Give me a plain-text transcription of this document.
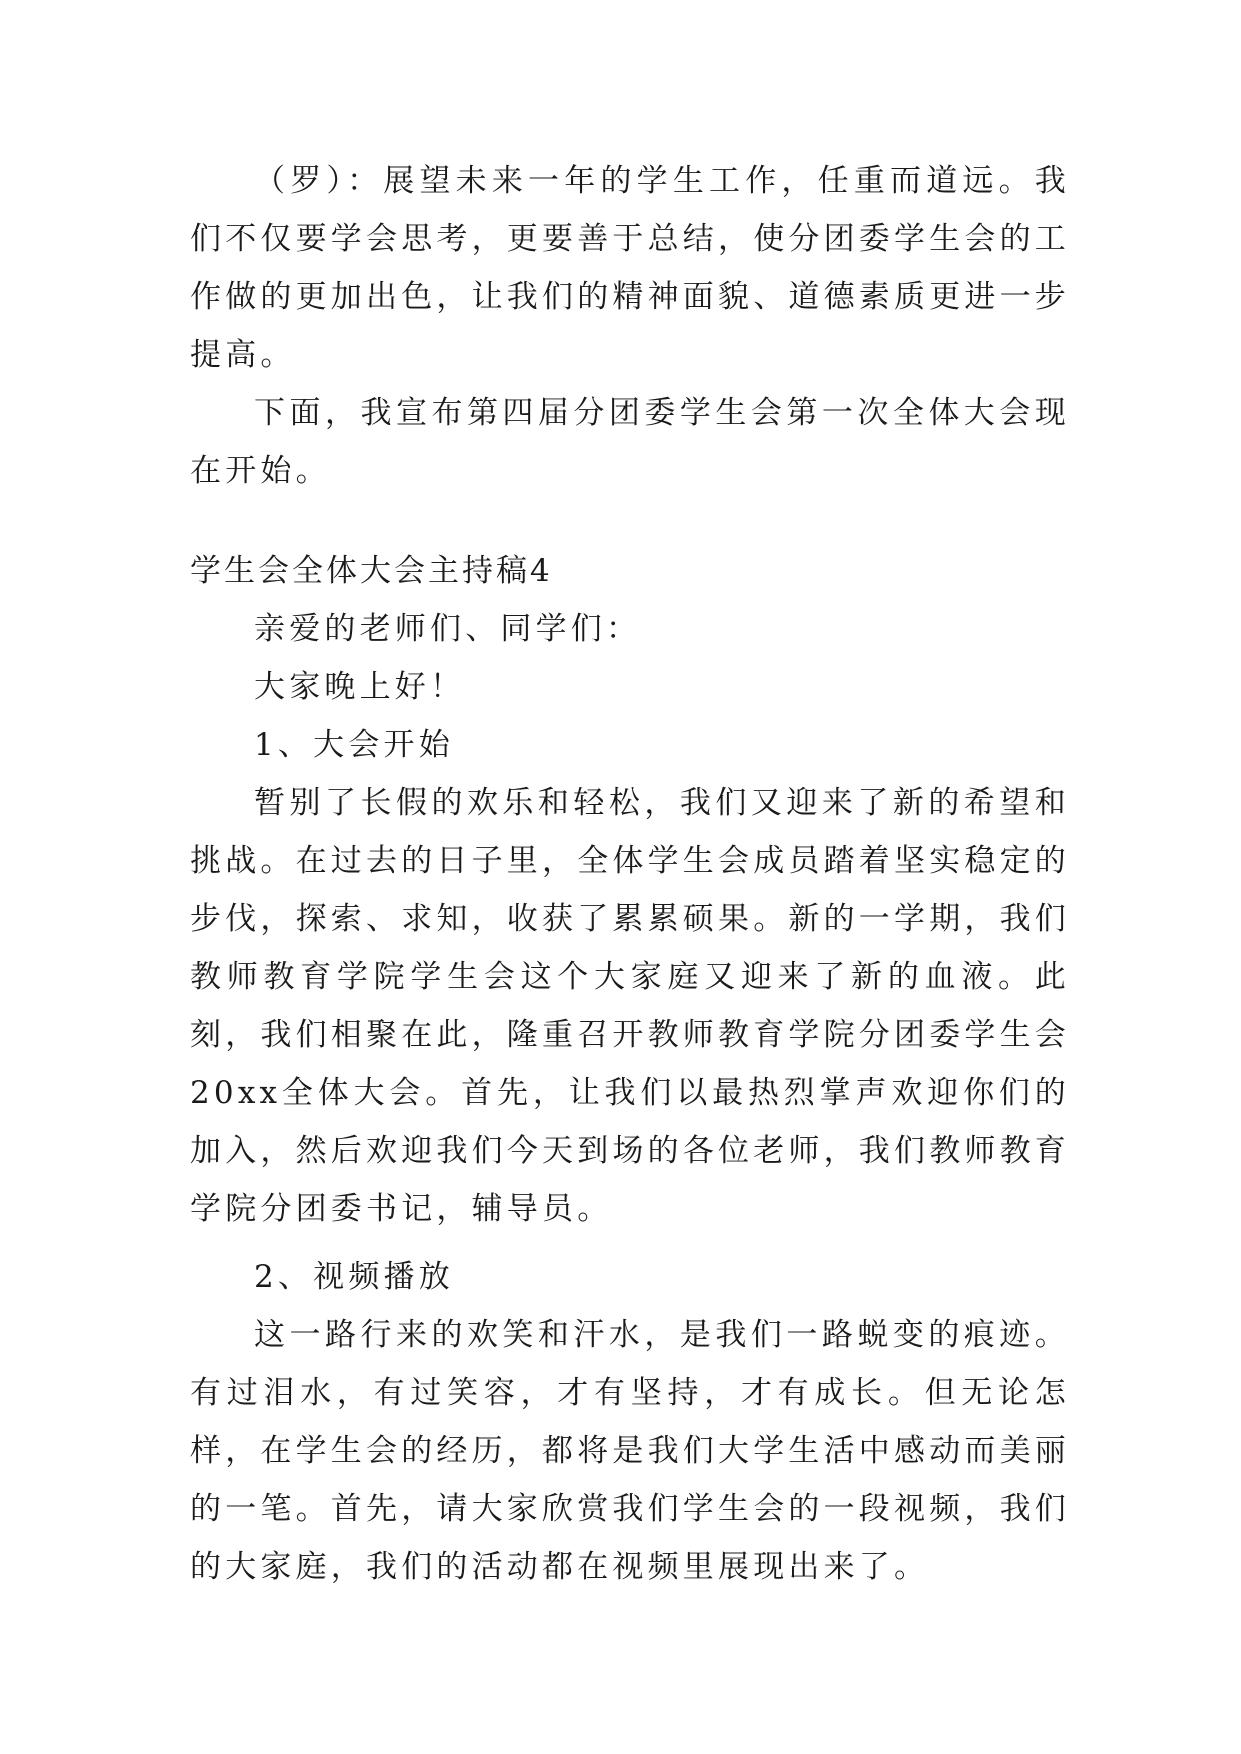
（罗）：展望未来一年的学生工作，任重而道远。我们不仅要学会思考，更要善于总结，使分团委学生会的工作做的更加出色，让我们的精神面貌、道德素质更进一步提高。

下面，我宣布第四届分团委学生会第一次全体大会现在开始。

学生会全体大会主持稿4

亲爱的老师们、同学们：

大家晚上好！

1、大会开始

暂别了长假的欢乐和轻松，我们又迎来了新的希望和挑战。在过去的日子里，全体学生会成员踏着坚实稳定的步伐，探索、求知，收获了累累硕果。新的一学期，我们教师教育学院学生会这个大家庭又迎来了新的血液。此刻，我们相聚在此，隆重召开教师教育学院分团委学生会20xx全体大会。首先，让我们以最热烈掌声欢迎你们的加入，然后欢迎我们今天到场的各位老师，我们教师教育学院分团委书记，辅导员。

2、视频播放

这一路行来的欢笑和汗水，是我们一路蜕变的痕迹。有过泪水，有过笑容，才有坚持，才有成长。但无论怎样，在学生会的经历，都将是我们大学生活中感动而美丽的一笔。首先，请大家欣赏我们学生会的一段视频，我们的大家庭，我们的活动都在视频里展现出来了。
